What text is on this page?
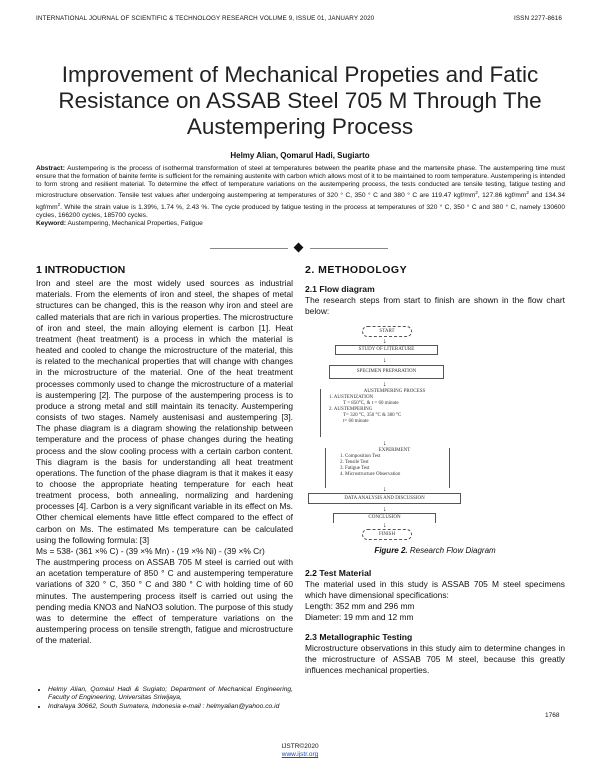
INTERNATIONAL JOURNAL OF SCIENTIFIC & TECHNOLOGY RESEARCH VOLUME 9, ISSUE 01, JANUARY 2020	ISSN 2277-8616
Improvement of Mechanical Propeties and Fatic Resistance on ASSAB Steel 705 M Through The Austempering Process
Helmy Alian, Qomarul Hadi, Sugiarto
Abstract: Austempering is the process of isothermal transformation of steel at temperatures between the pearlite phase and the martensite phase. The austempering time must ensure that the formation of bainite ferrite is sufficient for the remaining austenite with carbon which allows most of it to be maintained to room temperature. Austempering is intended to form strong and resilient material. To determine the effect of temperature variations on the austempering process, the tests conducted are tensile testing, fatigue testing and microstructure observation. Tensile test values after undergoing austempering at temperatures of 320 ° C, 350 ° C and 380 ° C are 119.47 kgf/$mm^2$, 127.86 kgf/$mm^2$ and 134.34 kgf/$mm^2$. While the strain value is 1.39%, 1.74 %, 2.43 %. The cycle produced by fatigue testing in the process at temperatures of 320 ° C, 350 ° C and 380 ° C, namely 130600 cycles, 166200 cycles, 185700 cycles.
Keyword: Austempering, Mechanical Properties, Fatigue
1 INTRODUCTION
Iron and steel are the most widely used sources as industrial materials. From the elements of iron and steel, the shapes of metal structures can be changed, this is the reason why iron and steel are called materials that are rich in various properties. The microstructure of iron and steel, the main alloying element is carbon [1]. Heat treatment (heat treatment) is a process in which the material is heated and cooled to change the microstructure of the material, this is related to the mechanical properties that will change with changes in the microstructure of the material. One of the heat treatment processes commonly used to change the microstructure of a material is austempering [2]. The purpose of the austempering process is to produce a strong metal and still maintain its tenacity. Austempering consists of two stages. Namely austenisasi and austempering [3]. The phase diagram is a diagram showing the relationship between temperature and the process of phase changes during the heating process and the slow cooling process with a certain carbon content. This diagram is the basis for understanding all heat treatment operations. The function of the phase diagram is that it makes it easy to choose the appropriate heating temperature for each heat treatment process, both annealing, normalizing and hardening processes [4]. Carbon is a very significant variable in its effect on Ms. Other chemical elements have little effect compared to the effect of carbon on Ms. The estimated Ms temperature can be calculated using the following formula: [3]
Ms = 538- (361 ×% C) - (39 ×% Mn) - (19 ×% Ni) - (39 ×% Cr)
The austmpering process on ASSAB 705 M steel is carried out with an acetation temperature of 850 ° C and austempering temperature variations of 320 ° C, 350 ° C and 380 ° C with holding time of 60 minutes. The austempering process itself is carried out using the pending media KNO3 and NaNO3 solution. The purpose of this study was to determine the effect of temperature variations on the austempering process on tensile strength, fatigue and microstructure of the material.
• Helmy Alian, Qomaul Hadi & Sugiato; Department of Mechanical Engineering, Faculty of Engineering, Universitas Sriwijaya,
• Indralaya 30662, South Sumatera, Indonesia e-mail : helmyalian@yahoo.co.id
2. METHODOLOGY
2.1 Flow diagram
The research steps from start to finish are shown in the flow chart below:
START
↓
STUDY OF LITERATURE
↓
SPECIMEN PREPARATION
↓
AUSTEMPERING PROCESS
1. AUSTENIZATION
T = 850°C, & t = 60 minute
2. AUSTEMPERING
T= 320 °C, 350 °C & 380 °C
t= 60 minute
↓
EXPERIMENT
1. Composition Test
2. Tensile Test
3. Fatigue Test
4. Microstructure Observation
↓
DATA ANALYSIS AND DISCUSSION
↓
CONCLUSION
↓
FINISH
Figure 2. Research Flow Diagram
2.2 Test Material
The material used in this study is ASSAB 705 M steel specimens which have dimensional specifications:
Length: 352 mm and 296 mm
Diameter: 19 mm and 12 mm
2.3 Metallographic Testing
Microstructure observations in this study aim to determine changes in the microstructure of ASSAB 705 M steel, because this greatly influences mechanical properties.
1768
IJSTR©2020
www.ijstr.org
